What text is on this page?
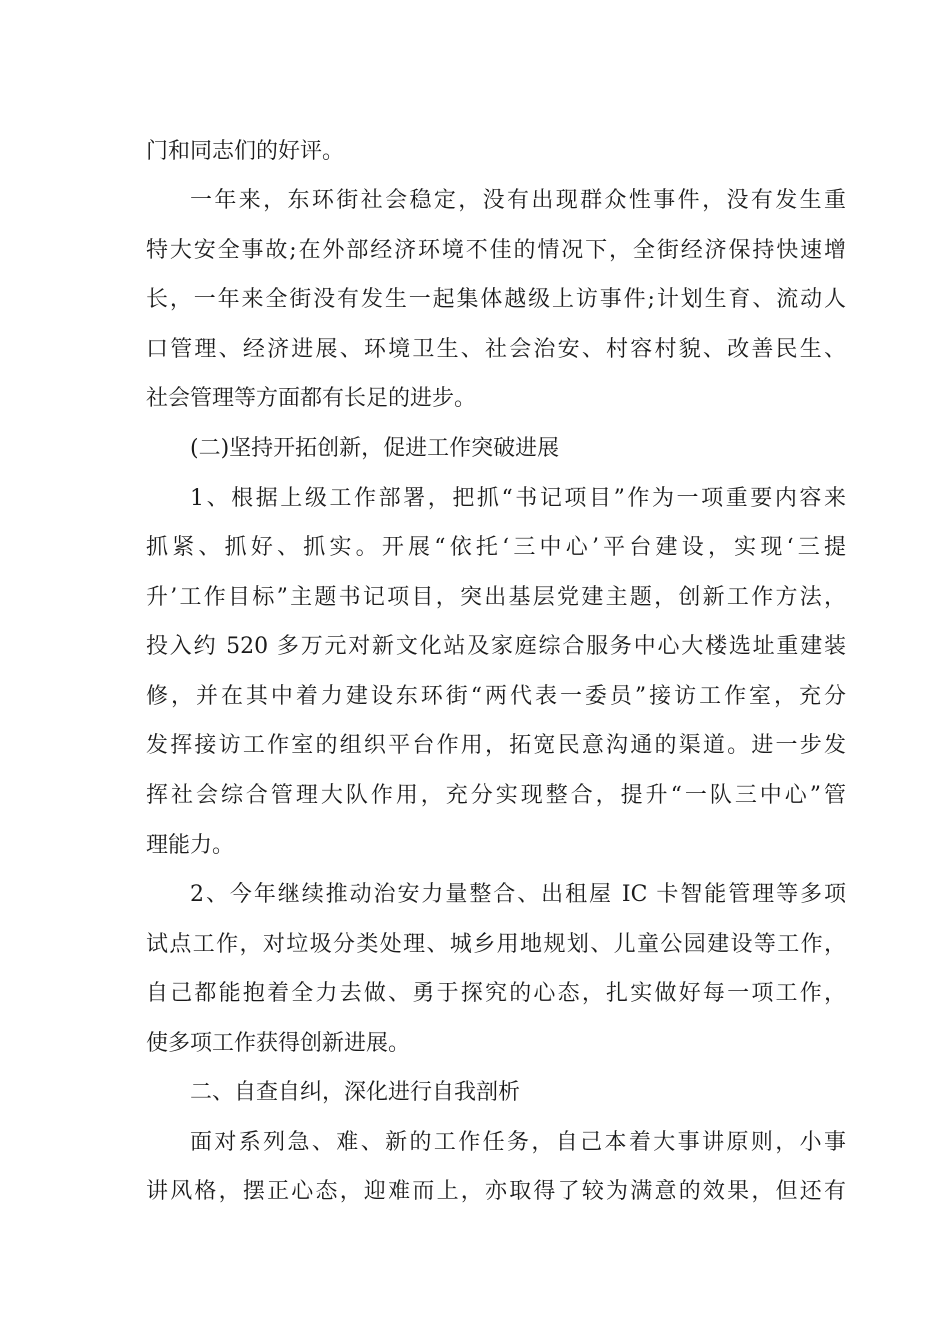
门和同志们的好评。
一年来，东环街社会稳定，没有出现群众性事件，没有发生重
特大安全事故;在外部经济环境不佳的情况下，全街经济保持快速增
长，一年来全街没有发生一起集体越级上访事件;计划生育、流动人
口管理、经济进展、环境卫生、社会治安、村容村貌、改善民生、
社会管理等方面都有长足的进步。
(二)坚持开拓创新，促进工作突破进展
1、根据上级工作部署，把抓“书记项目”作为一项重要内容来
抓紧、抓好、抓实。开展“依托‘三中心’平台建设，实现‘三提
升’工作目标”主题书记项目，突出基层党建主题，创新工作方法，
投入约 520 多万元对新文化站及家庭综合服务中心大楼选址重建装
修，并在其中着力建设东环街“两代表一委员”接访工作室，充分
发挥接访工作室的组织平台作用，拓宽民意沟通的渠道。进一步发
挥社会综合管理大队作用，充分实现整合，提升“一队三中心”管
理能力。
2、今年继续推动治安力量整合、出租屋 IC 卡智能管理等多项
试点工作，对垃圾分类处理、城乡用地规划、儿童公园建设等工作，
自己都能抱着全力去做、勇于探究的心态，扎实做好每一项工作，
使多项工作获得创新进展。
二、自查自纠，深化进行自我剖析
面对系列急、难、新的工作任务，自己本着大事讲原则，小事
讲风格，摆正心态，迎难而上，亦取得了较为满意的效果，但还有
